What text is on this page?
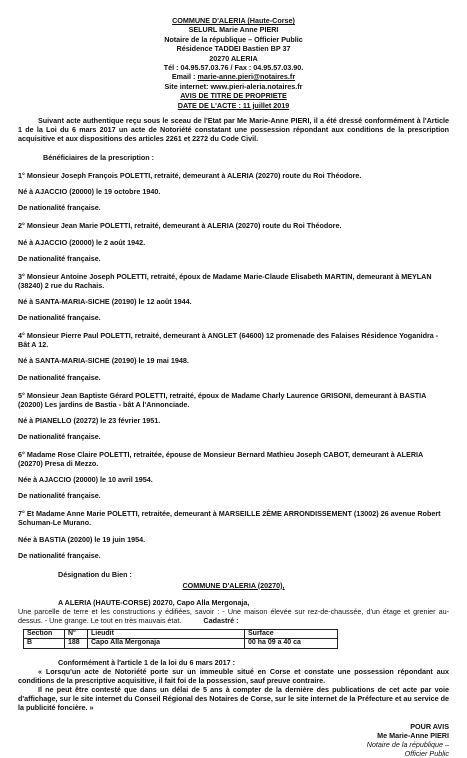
COMMUNE D'ALERIA (Haute-Corse)
SELURL Marie Anne PIERI
Notaire de la république – Officier Public
Résidence TADDEI Bastien BP 37
20270 ALERIA
Tél : 04.95.57.03.76 / Fax : 04.95.57.03.90.
Email : marie-anne.pieri@notaires.fr
Site internet: www.pieri-aleria.notaires.fr
AVIS DE TITRE DE PROPRIETE
DATE DE L'ACTE : 11 juillet 2019

Suivant acte authentique reçu sous le sceau de l'Etat par Me Marie-Anne PIERI, il a été dressé conformément à l'Article 1 de la Loi du 6 mars 2017 un acte de Notoriété constatant une possession répondant aux conditions de la prescription acquisitive et aux dispositions des articles 2261 et 2272 du Code Civil.

Bénéficiaires de la prescription :

1° Monsieur Joseph François POLETTI, retraité, demeurant à ALERIA (20270) route du Roi Théodore.

Né à AJACCIO (20000) le 19 octobre 1940.

De nationalité française.

2° Monsieur Jean Marie POLETTI, retraité, demeurant à ALERIA (20270) route du Roi Théodore.

Né à AJACCIO (20000) le 2 août 1942.

De nationalité française.

3° Monsieur Antoine Joseph POLETTI, retraité, époux de Madame Marie-Claude Elisabeth MARTIN, demeurant à MEYLAN (38240) 2 rue du Rachais.

Né à SANTA-MARIA-SICHE (20190) le 12 août 1944.

De nationalité française.

4° Monsieur Pierre Paul POLETTI, retraité, demeurant à ANGLET (64600) 12 promenade des Falaises Résidence Yoganidra - Bât A 12.

Né à SANTA-MARIA-SICHE (20190) le 19 mai 1948.

De nationalité française.

5° Monsieur Jean Baptiste Gérard POLETTI, retraité, époux de Madame Charly Laurence GRISONI, demeurant à BASTIA (20200) Les jardins de Bastia - bât A l'Annonciade.

Né à PIANELLO (20272) le 23 février 1951.

De nationalité française.

6° Madame Rose Claire POLETTI, retraitée, épouse de Monsieur Bernard Mathieu Joseph CABOT, demeurant à ALERIA (20270) Presa di Mezzo.

Née à AJACCIO (20000) le 10 avril 1954.

De nationalité française.

7° Et Madame Anne Marie POLETTI, retraitée, demeurant à MARSEILLE 2ÈME ARRONDISSEMENT (13002) 26 avenue Robert Schuman-Le Murano.

Née à BASTIA (20200) le 19 juin 1954.

De nationalité française.

Désignation du Bien :
COMMUNE D'ALERIA (20270),

A ALERIA (HAUTE-CORSE) 20270, Capo Alla Mergonaja,

Une parcelle de terre et les constructions y édifiées, savoir : - Une maison élevée sur rez-de-chaussée, d'un étage et grenier au-dessus. - Une grange. Le tout en très mauvais état.	Cadastré :

Section	N°	Lieudit	Surface
B	188	Capo Alla Mergonaja	00 ha 09 a 40 ca

Conformément à l'article 1 de la loi du 6 mars 2017 :

« Lorsqu'un acte de Notoriété porte sur un immeuble situé en Corse et constate une possession répondant aux conditions de la prescriptive acquisitive, il fait foi de la possession, sauf preuve contraire.

Il ne peut être contesté que dans un délai de 5 ans à compter de la dernière des publications de cet acte par voie d'affichage, sur le site internet du Conseil Régional des Notaires de Corse, sur le site internet de la Préfecture et au service de la publicité foncière. »

POUR AVIS
Me Marie-Anne PIERI
Notaire de la république –
Officier Public
